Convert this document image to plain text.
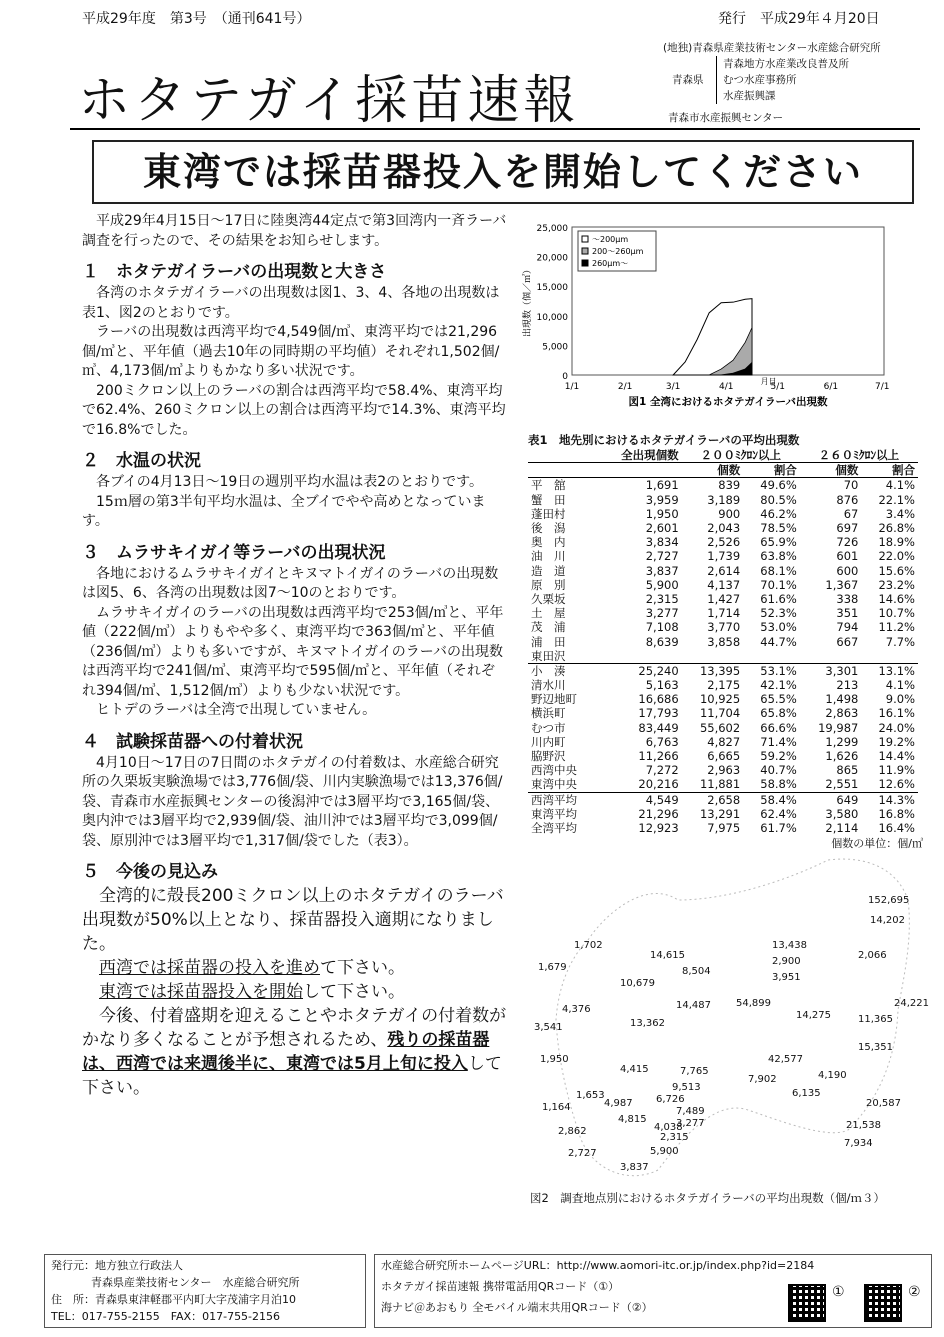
平成29年度　第3号　（通刊641号）	発行　平成29年４月20日
ホタテガイ採苗速報
(地独)青森県産業技術センター水産総合研究所
青森県
青森地方水産業改良普及所
むつ水産事務所
水産振興課
青森市水産振興センター
東湾では採苗器投入を開始してください

平成29年4月15日～17日に陸奥湾44定点で第3回湾内一斉ラーバ調査を行ったので、その結果をお知らせします。

１　ホタテガイラーバの出現数と大きさ

各湾のホタテガイラーバの出現数は図1、3、4、各地の出現数は表1、図2のとおりです。

ラーバの出現数は西湾平均で4,549個/㎥、東湾平均では21,296個/㎥と、平年値（過去10年の同時期の平均値）それぞれ1,502個/㎥、4,173個/㎥よりもかなり多い状況です。

200ミクロン以上のラーバの割合は西湾平均で58.4%、東湾平均で62.4%、260ミクロン以上の割合は西湾平均で14.3%、東湾平均で16.8%でした。

２　水温の状況

各ブイの4月13日～19日の週別平均水温は表2のとおりです。

15ｍ層の第3半旬平均水温は、全ブイでやや高めとなっています。

３　ムラサキイガイ等ラーバの出現状況

各地におけるムラサキイガイとキヌマトイガイのラーバの出現数は図5、6、各湾の出現数は図7～10のとおりです。

ムラサキイガイのラーバの出現数は西湾平均で253個/㎥と、平年値（222個/㎥）よりもやや多く、東湾平均で363個/㎥と、平年値（236個/㎥）よりも多いですが、キヌマトイガイのラーバの出現数は西湾平均で241個/㎥、東湾平均で595個/㎥と、平年値（それぞれ394個/㎥、1,512個/㎥）よりも少ない状況です。

ヒトデのラーバは全湾で出現していません。

４　試験採苗器への付着状況

4月10日～17日の7日間のホタテガイの付着数は、水産総合研究所の久栗坂実験漁場では3,776個/袋、川内実験漁場では13,376個/袋、青森市水産振興センターの後潟沖では3層平均で3,165個/袋、奥内沖では3層平均で2,939個/袋、油川沖では3層平均で3,099個/袋、原別沖では3層平均で1,317個/袋でした（表3）。

５　今後の見込み

全湾的に殻長200ミクロン以上のホタテガイのラーバ出現数が50%以上となり、採苗器投入適期になりました。

西湾では採苗器の投入を進めて下さい。

東湾では採苗器投入を開始して下さい。

今後、付着盛期を迎えることやホタテガイの付着数がかなり多くなることが予想されるため、残りの採苗器は、西湾では来週後半に、東湾では5月上旬に投入して下さい。

0
5,000
10,000
15,000
20,000
25,000
1/1	2/1	3/1	4/1	5/1	6/1	7/1
月日
出現数（個／㎥）
～200μm
200～260μm
260μm～
図1 全湾におけるホタテガイラーバ出現数
表1　地先別におけるホタテガイラーバの平均出現数
	全出現個数	２００ﾐｸﾛﾝ以上		２６０ﾐｸﾛﾝ以上	
		個数	割合	個数	割合
平　舘	1,691	839	49.6%	70	4.1%
蟹　田	3,959	3,189	80.5%	876	22.1%
蓬田村	1,950	900	46.2%	67	3.4%
後　潟	2,601	2,043	78.5%	697	26.8%
奥　内	3,834	2,526	65.9%	726	18.9%
油　川	2,727	1,739	63.8%	601	22.0%
造　道	3,837	2,614	68.1%	600	15.6%
原　別	5,900	4,137	70.1%	1,367	23.2%
久栗坂	2,315	1,427	61.6%	338	14.6%
土　屋	3,277	1,714	52.3%	351	10.7%
茂　浦	7,108	3,770	53.0%	794	11.2%
浦　田	8,639	3,858	44.7%	667	7.7%
東田沢					
小　湊	25,240	13,395	53.1%	3,301	13.1%
清水川	5,163	2,175	42.1%	213	4.1%
野辺地町	16,686	10,925	65.5%	1,498	9.0%
横浜町	17,793	11,704	65.8%	2,863	16.1%
むつ市	83,449	55,602	66.6%	19,987	24.0%
川内町	6,763	4,827	71.4%	1,299	19.2%
脇野沢	11,266	6,665	59.2%	1,626	14.4%
西湾中央	7,272	2,963	40.7%	865	11.9%
東湾中央	20,216	11,881	58.8%	2,551	12.6%
西湾平均	4,549	2,658	58.4%	649	14.3%
東湾平均	21,296	13,291	62.4%	3,580	16.8%
全湾平均	12,923	7,975	61.7%	2,114	16.4%
個数の単位：個/㎥
152,695
14,202
1,702	13,438
2,066
1,679
14,615
2,900
8,504
3,951
10,679
54,899	24,221
4,376	14,487
14,275	11,365
3,541	13,362
15,351
1,950	42,577
4,415	7,765
7,902	4,190
9,513
6,135
1,653
20,587
1,164	4,987 6,726
7,489
4,815
4,038
3,277	21,538
2,862
2,315
7,934
2,727	5,900
3,837
図2　調査地点別におけるホタテガイラーバの平均出現数（個/ｍ３）
発行元：地方独立行政法人
青森県産業技術センター　水産総合研究所
住　所：青森県東津軽郡平内町大字茂浦字月泊10
TEL：017-755-2155　FAX：017-755-2156
水産総合研究所ホームページURL：http://www.aomori-itc.or.jp/index.php?id=2184
ホタテガイ採苗速報 携帯電話用QRコード（①）
海ナビ＠あおもり 全モバイル端末共用QRコード（②）
①	②
